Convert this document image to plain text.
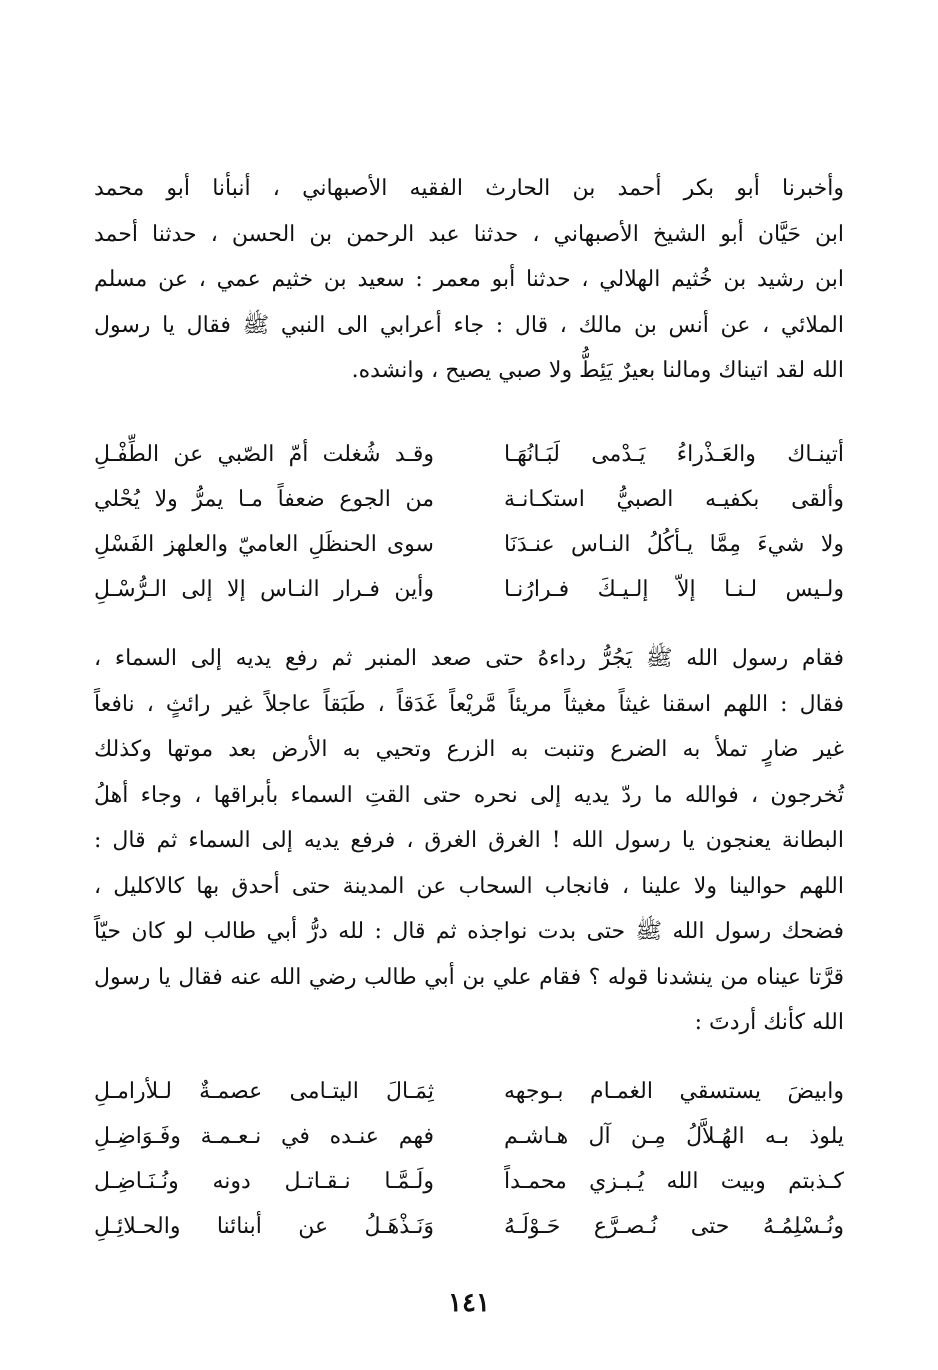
وأخبرنا أبو بكر أحمد بن الحارث الفقيه الأصبهاني ، أنبأنا أبو محمد
ابن حَيَّان أبو الشيخ الأصبهاني ، حدثنا عبد الرحمن بن الحسن ، حدثنا أحمد
ابن رشيد بن خُثيم الهلالي ، حدثنا أبو معمر : سعيد بن خثيم عمي ، عن مسلم
الملائي ، عن أنس بن مالك ، قال : جاء أعرابي الى النبي ﷺ فقال يا رسول
الله لقد اتيناك ومالنا بعيرٌ يَئِطُّ ولا صبي يصيح ، وانشده.
أتينـاك والعَـذْراءُ يَـدْمى لَبَـانُهَـا
وقـد شُغلت أمّ الصّبي عن الطِّفْـلِ
وألقى بكفيـه الصبيُّ استكـانـة
من الجوع ضعفاً مـا يمرُّ ولا يُحْلي
ولا شيءَ مِمَّا يـأكُلُ النـاس عنـدَنَا
سوى الحنظَلِ العاميّ والعلهز الفَسْلِ
ولـيس لـنـا إلاّ إلـيـكَ فـرارُنـا
وأين فـرار النـاس إلا إلى الـرُّسْـلِ
فقام رسول الله ﷺ يَجُرُّ رداءهُ حتى صعد المنبر ثم رفع يديه إلى السماء ،
فقال : اللهم اسقنا غيثاً مغيثاً مريئاً مَّريْعاً غَدَقاً ، طَبَقاً عاجلاً غير رائثٍ ، نافعاً
غير ضارٍ تملأ به الضرع وتنبت به الزرع وتحيي به الأرض بعد موتها وكذلك
تُخرجون ، فوالله ما ردّ يديه إلى نحره حتى القتِ السماء بأبراقها ، وجاء أهلُ
البطانة يعنجون يا رسول الله ! الغرق الغرق ، فرفع يديه إلى السماء ثم قال :
اللهم حوالينا ولا علينا ، فانجاب السحاب عن المدينة حتى أحدق بها كالاكليل ،
فضحك رسول الله ﷺ حتى بدت نواجذه ثم قال : لله درُّ أبي طالب لو كان حيّاً
قرَّتا عيناه من ينشدنا قوله ؟ فقام علي بن أبي طالب رضي الله عنه فقال يا رسول
الله كأنك أردتَ :
وابيضَ يستسقي الغمـام بـوجهه
ثِمَـالَ اليتـامى عصمـةٌ لـلأرامـلِ
يلوذ بـه الهُـلاَّلُ مِـن آل هـاشـم
فهم عنـده في نـعـمـة وفَـوَاضِـلِ
كـذبتم وبيت الله يُـبـزي محمـداً
ولَـمَّـا نـقـاتـل دونه ونُـنَـاضِـل
ونُـسْلِمُـهُ حتى نُـصـرَّع حَـوْلَـهُ
وَنَـذْهَـلُ عن أبنائنا والحـلائِـلِ
١٤١
